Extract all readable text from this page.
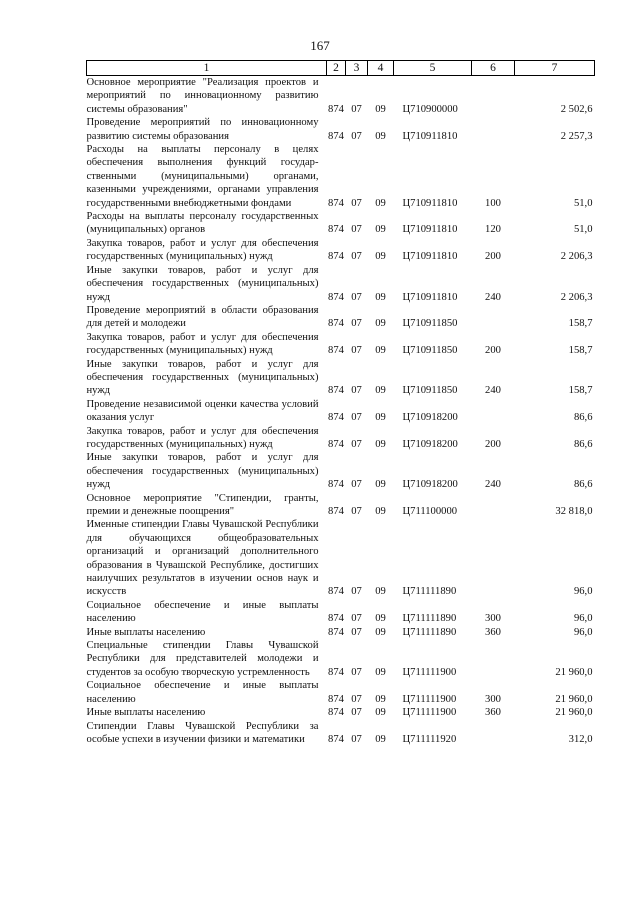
167
1	2	3	4	5	6	7
Основное мероприятие "Реализация проектов и мероприятий по инновационному развитию системы образования"	874	07	09	Ц710900000		2 502,6
Проведение мероприятий по инновационному развитию системы образования	874	07	09	Ц710911810		2 257,3
Расходы на выплаты персоналу в целях обеспечения выполнения функций государственными (муниципальными) органами, казенными учреждениями, органами управления государственными внебюджетными фондами	874	07	09	Ц710911810	100	51,0
Расходы на выплаты персоналу государственных (муниципальных) органов	874	07	09	Ц710911810	120	51,0
Закупка товаров, работ и услуг для обеспечения государственных (муниципальных) нужд	874	07	09	Ц710911810	200	2 206,3
Иные закупки товаров, работ и услуг для обеспечения государственных (муниципальных) нужд	874	07	09	Ц710911810	240	2 206,3
Проведение мероприятий в области образования для детей и молодежи	874	07	09	Ц710911850		158,7
Закупка товаров, работ и услуг для обеспечения государственных (муниципальных) нужд	874	07	09	Ц710911850	200	158,7
Иные закупки товаров, работ и услуг для обеспечения государственных (муниципальных) нужд	874	07	09	Ц710911850	240	158,7
Проведение независимой оценки качества условий оказания услуг	874	07	09	Ц710918200		86,6
Закупка товаров, работ и услуг для обеспечения государственных (муниципальных) нужд	874	07	09	Ц710918200	200	86,6
Иные закупки товаров, работ и услуг для обеспечения государственных (муниципальных) нужд	874	07	09	Ц710918200	240	86,6
Основное мероприятие "Стипендии, гранты, премии и денежные поощрения"	874	07	09	Ц711100000		32 818,0
Именные стипендии Главы Чувашской Республики для обучающихся общеобразовательных организаций и организаций дополнительного образования в Чувашской Республике, достигших наилучших результатов в изучении основ наук и искусств	874	07	09	Ц711111890		96,0
Социальное обеспечение и иные выплаты населению	874	07	09	Ц711111890	300	96,0
Иные выплаты населению	874	07	09	Ц711111890	360	96,0
Специальные стипендии Главы Чувашской Республики для представителей молодежи и студентов за особую творческую устремленность	874	07	09	Ц711111900		21 960,0
Социальное обеспечение и иные выплаты населению	874	07	09	Ц711111900	300	21 960,0
Иные выплаты населению	874	07	09	Ц711111900	360	21 960,0
Стипендии Главы Чувашской Республики за особые успехи в изучении физики и математики	874	07	09	Ц711111920		312,0
